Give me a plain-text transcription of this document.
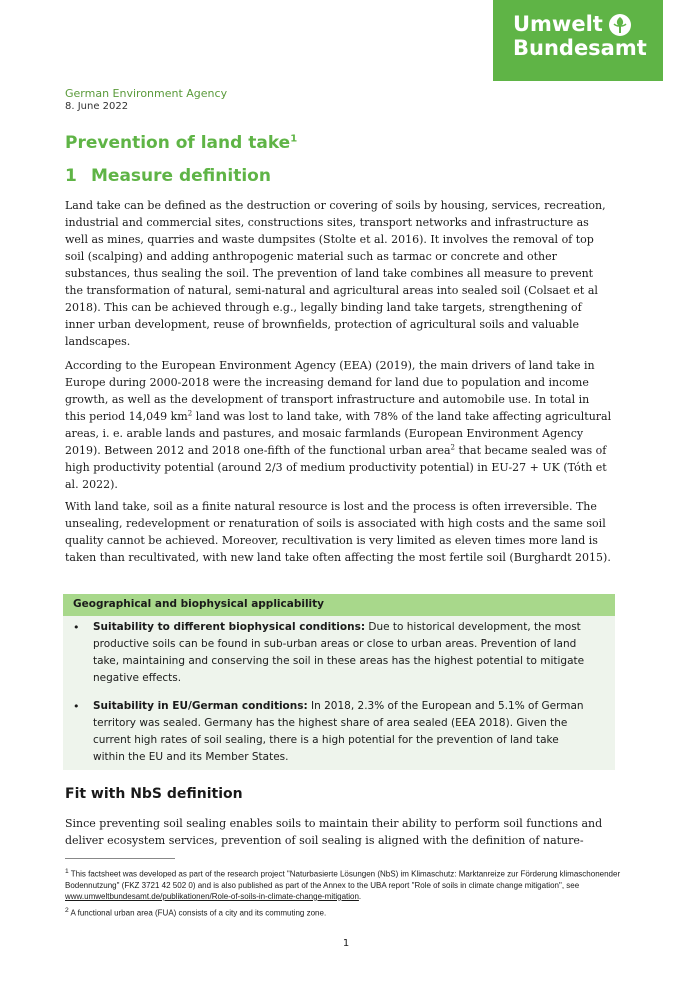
Umwelt
Bundesamt
German Environment Agency
8. June 2022
Prevention of land take$^1$
1 Measure definition

Land take can be defined as the destruction or covering of soils by housing, services, recreation, industrial and commercial sites, constructions sites, transport networks and infrastructure as well as mines, quarries and waste dumpsites (Stolte et al. 2016). It involves the removal of top soil (scalping) and adding anthropogenic material such as tarmac or concrete and other substances, thus sealing the soil. The prevention of land take combines all measure to prevent the transformation of natural, semi-natural and agricultural areas into sealed soil (Colsaet et al 2018). This can be achieved through e.g., legally binding land take targets, strengthening of inner urban development, reuse of brownfields, protection of agricultural soils and valuable landscapes.

According to the European Environment Agency (EEA) (2019), the main drivers of land take in Europe during 2000-2018 were the increasing demand for land due to population and income growth, as well as the development of transport infrastructure and automobile use. In total in this period 14,049 $km^2$ land was lost to land take, with 78% of the land take affecting agricultural areas, i. e. arable lands and pastures, and mosaic farmlands (European Environment Agency 2019). Between 2012 and 2018 one-fifth of the functional urban area$^2$ that became sealed was of high productivity potential (around 2/3 of medium productivity potential) in EU-27 + UK (Tóth et al. 2022).

With land take, soil as a finite natural resource is lost and the process is often irreversible. The unsealing, redevelopment or renaturation of soils is associated with high costs and the same soil quality cannot be achieved. Moreover, recultivation is very limited as eleven times more land is taken than recultivated, with new land take often affecting the most fertile soil (Burghardt 2015).

Geographical and biophysical applicability
• Suitability to different biophysical conditions: Due to historical development, the most productive soils can be found in sub-urban areas or close to urban areas. Prevention of land take, maintaining and conserving the soil in these areas has the highest potential to mitigate negative effects.

• Suitability in EU/German conditions: In 2018, 2.3% of the European and 5.1% of German territory was sealed. Germany has the highest share of area sealed (EEA 2018). Given the current high rates of soil sealing, there is a high potential for the prevention of land take within the EU and its Member States.

Fit with NbS definition

Since preventing soil sealing enables soils to maintain their ability to perform soil functions and deliver ecosystem services, prevention of soil sealing is aligned with the definition of nature-

$^1$ This factsheet was developed as part of the research project "Naturbasierte Lösungen (NbS) im Klimaschutz: Marktanreize zur Förderung klimaschonender Bodennutzung" (FKZ 3721 42 502 0) and is also published as part of the Annex to the UBA report "Role of soils in climate change mitigation", see www.umweltbundesamt.de/publikationen/Role-of-soils-in-climate-change-mitigation.

$^2$ A functional urban area (FUA) consists of a city and its commuting zone.

1
